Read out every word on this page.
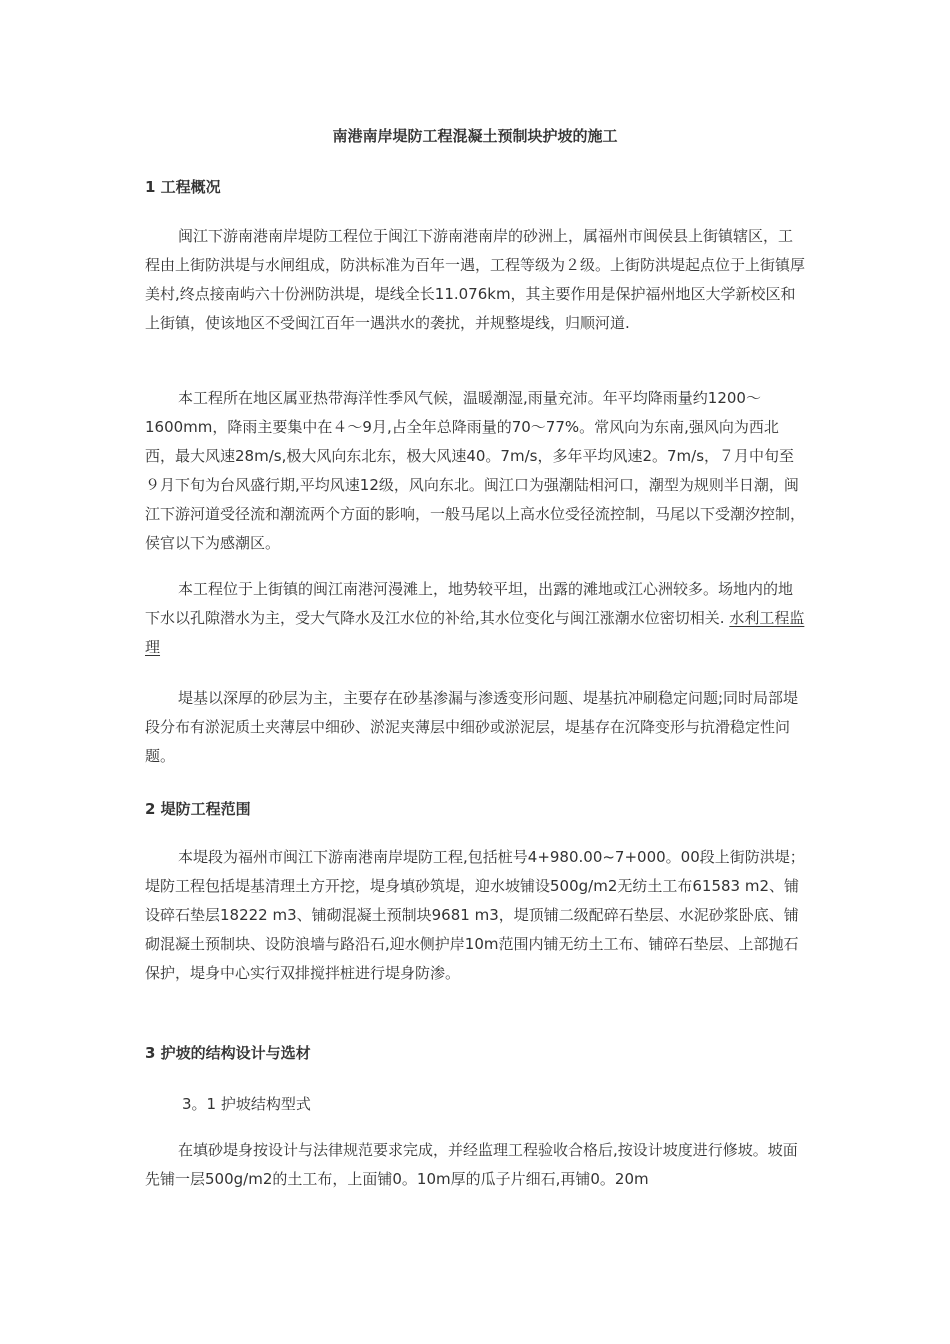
南港南岸堤防工程混凝土预制块护坡的施工
1 工程概况

闽江下游南港南岸堤防工程位于闽江下游南港南岸的砂洲上，属福州市闽侯县上街镇辖区，工程由上街防洪堤与水闸组成，防洪标准为百年一遇，工程等级为２级。上街防洪堤起点位于上街镇厚美村,终点接南屿六十份洲防洪堤，堤线全长11.076km，其主要作用是保护福州地区大学新校区和上街镇，使该地区不受闽江百年一遇洪水的袭扰，并规整堤线，归顺河道.

本工程所在地区属亚热带海洋性季风气候，温暖潮湿,雨量充沛。年平均降雨量约1200～1600mm，降雨主要集中在４～9月,占全年总降雨量的70～77%。常风向为东南,强风向为西北西，最大风速28m/s,极大风向东北东，极大风速40。7m/s，多年平均风速2。7m/s，７月中旬至９月下旬为台风盛行期,平均风速12级，风向东北。闽江口为强潮陆相河口，潮型为规则半日潮，闽江下游河道受径流和潮流两个方面的影响，一般马尾以上高水位受径流控制，马尾以下受潮汐控制，侯官以下为感潮区。

本工程位于上街镇的闽江南港河漫滩上，地势较平坦，出露的滩地或江心洲较多。场地内的地下水以孔隙潜水为主，受大气降水及江水位的补给,其水位变化与闽江涨潮水位密切相关. 水利工程监理

堤基以深厚的砂层为主，主要存在砂基渗漏与渗透变形问题、堤基抗冲刷稳定问题;同时局部堤段分布有淤泥质土夹薄层中细砂、淤泥夹薄层中细砂或淤泥层，堤基存在沉降变形与抗滑稳定性问题。

2 堤防工程范围

本堤段为福州市闽江下游南港南岸堤防工程,包括桩号4+980.00~7+000。00段上街防洪堤；堤防工程包括堤基清理土方开挖，堤身填砂筑堤，迎水坡铺设500g/m2无纺土工布61583 m2、铺设碎石垫层18222 m3、铺砌混凝土预制块9681 m3，堤顶铺二级配碎石垫层、水泥砂浆卧底、铺砌混凝土预制块、设防浪墙与路沿石,迎水侧护岸10m范围内铺无纺土工布、铺碎石垫层、上部抛石保护，堤身中心实行双排搅拌桩进行堤身防渗。

3 护坡的结构设计与选材
3。1 护坡结构型式

在填砂堤身按设计与法律规范要求完成，并经监理工程验收合格后,按设计坡度进行修坡。坡面先铺一层500g/m2的土工布，上面铺0。10m厚的瓜子片细石,再铺0。20m
